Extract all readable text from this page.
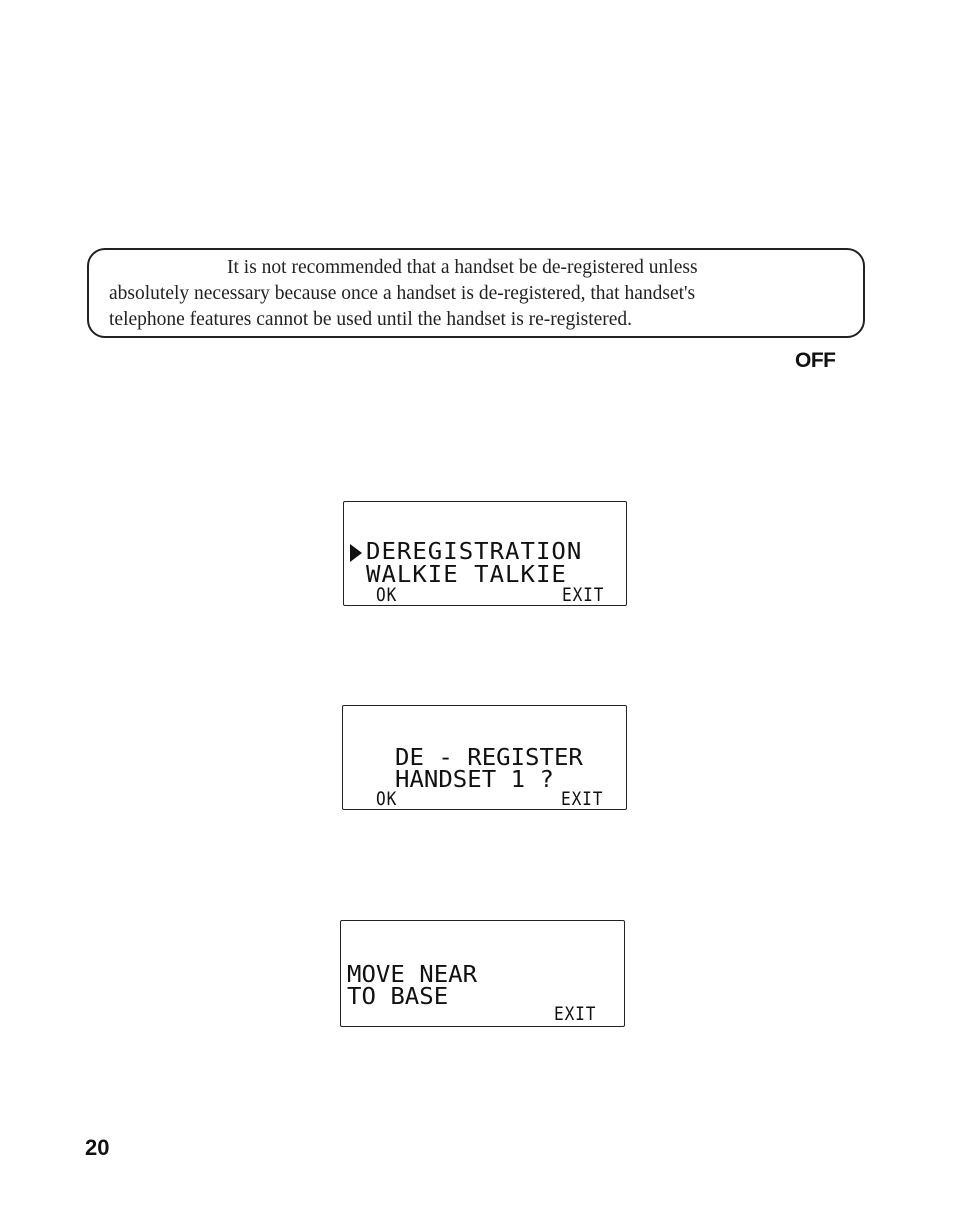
It is not recommended that a handset be de-registered unless

absolutely necessary because once a handset is de-registered, that handset's

telephone features cannot be used until the handset is re-registered.

OFF
DEREGISTRATION
WALKIE TALKIE
OK	EXIT
DE - REGISTER
HANDSET 1 ?
OK	EXIT
MOVE NEAR
TO BASE
EXIT
20
